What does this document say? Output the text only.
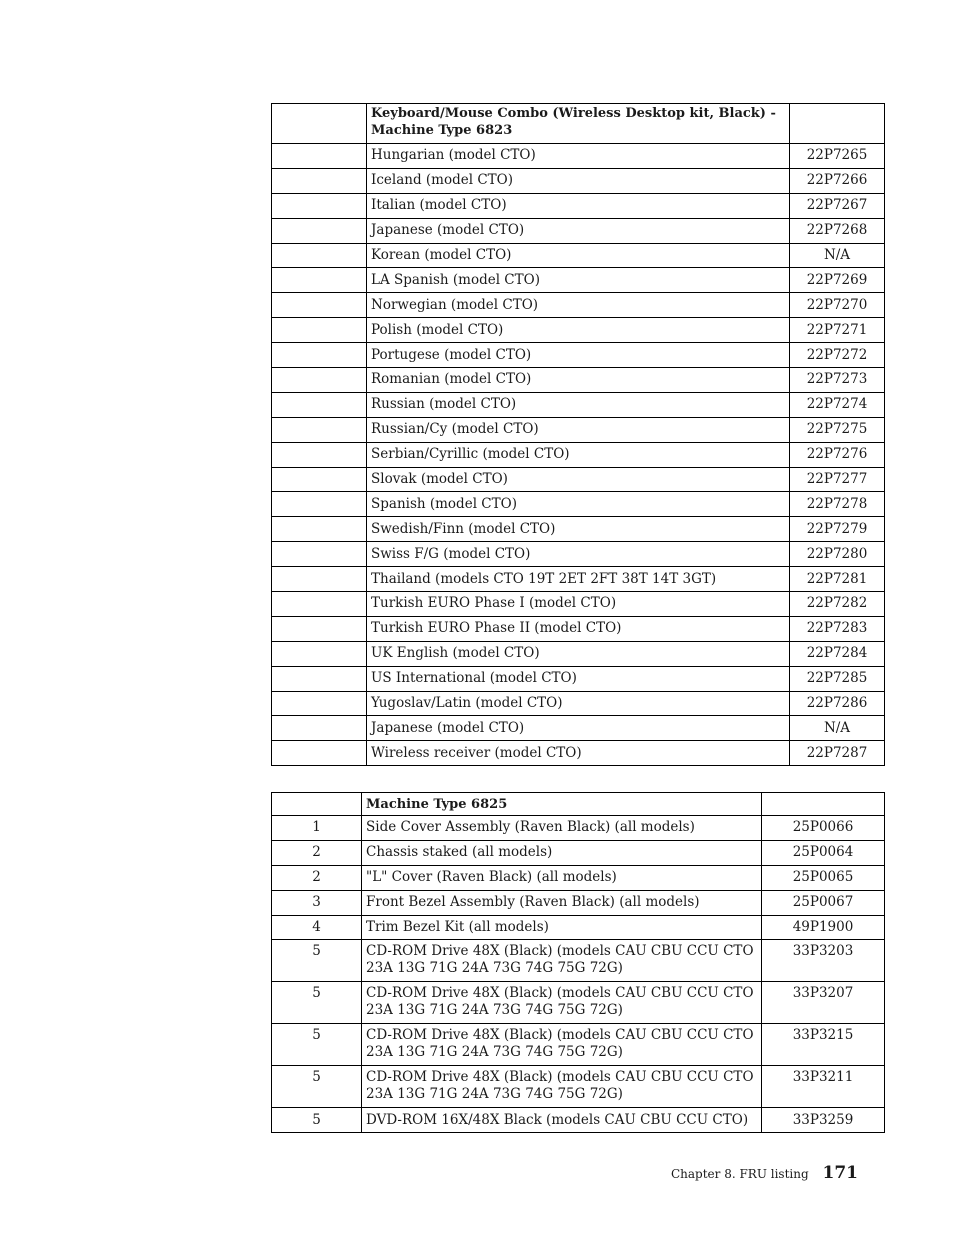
	Keyboard/Mouse Combo (Wireless Desktop kit, Black) - Machine Type 6823	
	Hungarian (model CTO)	22P7265
	Iceland (model CTO)	22P7266
	Italian (model CTO)	22P7267
	Japanese (model CTO)	22P7268
	Korean (model CTO)	N/A
	LA Spanish (model CTO)	22P7269
	Norwegian (model CTO)	22P7270
	Polish (model CTO)	22P7271
	Portugese (model CTO)	22P7272
	Romanian (model CTO)	22P7273
	Russian (model CTO)	22P7274
	Russian/Cy (model CTO)	22P7275
	Serbian/Cyrillic (model CTO)	22P7276
	Slovak (model CTO)	22P7277
	Spanish (model CTO)	22P7278
	Swedish/Finn (model CTO)	22P7279
	Swiss F/G (model CTO)	22P7280
	Thailand (models CTO 19T 2ET 2FT 38T 14T 3GT)	22P7281
	Turkish EURO Phase I (model CTO)	22P7282
	Turkish EURO Phase II (model CTO)	22P7283
	UK English (model CTO)	22P7284
	US International (model CTO)	22P7285
	Yugoslav/Latin (model CTO)	22P7286
	Japanese (model CTO)	N/A
	Wireless receiver (model CTO)	22P7287
	Machine Type 6825	
1	Side Cover Assembly (Raven Black) (all models)	25P0066
2	Chassis staked (all models)	25P0064
2	"L" Cover (Raven Black) (all models)	25P0065
3	Front Bezel Assembly (Raven Black) (all models)	25P0067
4	Trim Bezel Kit (all models)	49P1900
5	CD-ROM Drive 48X (Black) (models CAU CBU CCU CTO 23A 13G 71G 24A 73G 74G 75G 72G)	33P3203
5	CD-ROM Drive 48X (Black) (models CAU CBU CCU CTO 23A 13G 71G 24A 73G 74G 75G 72G)	33P3207
5	CD-ROM Drive 48X (Black) (models CAU CBU CCU CTO 23A 13G 71G 24A 73G 74G 75G 72G)	33P3215
5	CD-ROM Drive 48X (Black) (models CAU CBU CCU CTO 23A 13G 71G 24A 73G 74G 75G 72G)	33P3211
5	DVD-ROM 16X/48X Black (models CAU CBU CCU CTO)	33P3259
Chapter 8. FRU listing 171
